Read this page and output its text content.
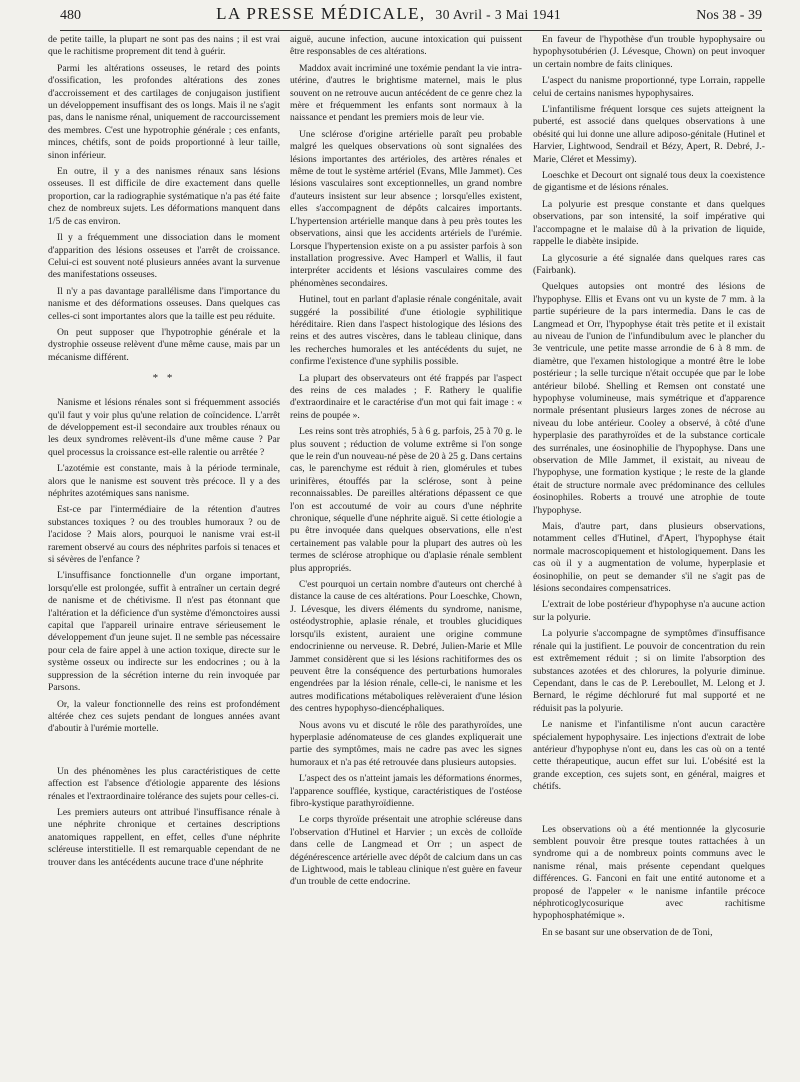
480	LA PRESSE MÉDICALE, 30 Avril - 3 Mai 1941	Nos 38 - 39

de petite taille, la plupart ne sont pas des nains ; il est vrai que le rachitisme proprement dit tend à guérir.

Parmi les altérations osseuses, le retard des points d'ossification, les profondes altérations des zones d'accroissement et des cartilages de conjugaison justifient un développement insuffisant des os longs. Mais il ne s'agit pas, dans le nanisme rénal, uniquement de raccourcissement des membres. C'est une hypotrophie générale ; ces enfants, minces, chétifs, sont de poids proportionné à leur taille, sinon inférieur.

En outre, il y a des nanismes rénaux sans lésions osseuses. Il est difficile de dire exactement dans quelle proportion, car la radiographie systématique n'a pas été faite chez de nombreux sujets. Les déformations manquent dans 1/5 de cas environ.

Il y a fréquemment une dissociation dans le moment d'apparition des lésions osseuses et l'arrêt de croissance. Celui-ci est souvent noté plusieurs années avant la survenue des manifestations osseuses.

Il n'y a pas davantage parallélisme dans l'importance du nanisme et des déformations osseuses. Dans quelques cas celles-ci sont importantes alors que la taille est peu réduite.

On peut supposer que l'hypotrophie générale et la dystrophie osseuse relèvent d'une même cause, mais par un mécanisme différent.

* *

Nanisme et lésions rénales sont si fréquemment associés qu'il faut y voir plus qu'une relation de coïncidence. L'arrêt de développement est-il secondaire aux troubles rénaux ou les deux syndromes relèvent-ils d'une même cause ? Par quel processus la croissance est-elle ralentie ou arrêtée ?

L'azotémie est constante, mais à la période terminale, alors que le nanisme est souvent très précoce. Il y a des néphrites azotémiques sans nanisme.

Est-ce par l'intermédiaire de la rétention d'autres substances toxiques ? ou des troubles humoraux ? ou de l'acidose ? Mais alors, pourquoi le nanisme vrai est-il rarement observé au cours des néphrites parfois si tenaces et si sévères de l'enfance ?

L'insuffisance fonctionnelle d'un organe important, lorsqu'elle est prolongée, suffit à entraîner un certain degré de nanisme et de chétivisme. Il n'est pas étonnant que l'altération et la déficience d'un système d'émonctoires aussi capital que l'appareil urinaire entrave sérieusement le développement d'un jeune sujet. Il ne semble pas nécessaire pour cela de faire appel à une action toxique, directe sur le système osseux ou indirecte sur les endocrines ; ou à la suppression de la sécrétion interne du rein invoquée par Parsons.

Or, la valeur fonctionnelle des reins est profondément altérée chez ces sujets pendant de longues années avant d'aboutir à l'urémie mortelle.

Un des phénomènes les plus caractéristiques de cette affection est l'absence d'étiologie apparente des lésions rénales et l'extraordinaire tolérance des sujets pour celles-ci.

Les premiers auteurs ont attribué l'insuffisance rénale à une néphrite chronique et certaines descriptions anatomiques rappellent, en effet, celles d'une néphrite scléreuse interstitielle. Il est remarquable cependant de ne trouver dans les antécédents aucune trace d'une néphrite

aiguë, aucune infection, aucune intoxication qui puissent être responsables de ces altérations.

Maddox avait incriminé une toxémie pendant la vie intra-utérine, d'autres le brightisme maternel, mais le plus souvent on ne retrouve aucun antécédent de ce genre chez la mère et fréquemment les enfants sont normaux à la naissance et pendant les premiers mois de leur vie.

Une sclérose d'origine artérielle paraît peu probable malgré les quelques observations où sont signalées des lésions importantes des artérioles, des artères rénales et même de tout le système artériel (Evans, Mlle Jammet). Ces lésions vasculaires sont exceptionnelles, un grand nombre d'auteurs insistent sur leur absence ; lorsqu'elles existent, elles s'accompagnent de dépôts calcaires importants. L'hypertension artérielle manque dans à peu près toutes les observations, ainsi que les accidents artériels de l'urémie. Lorsque l'hypertension existe on a pu assister parfois à son installation progressive. Avec Hamperl et Wallis, il faut interpréter accidents et lésions vasculaires comme des phénomènes secondaires.

Hutinel, tout en parlant d'aplasie rénale congénitale, avait suggéré la possibilité d'une étiologie syphilitique héréditaire. Rien dans l'aspect histologique des lésions des reins et des autres viscères, dans le tableau clinique, dans les recherches humorales et les antécédents du sujet, ne confirme l'existence d'une syphilis possible.

La plupart des observateurs ont été frappés par l'aspect des reins de ces malades ; F. Rathery le qualifie d'extraordinaire et le caractérise d'un mot qui fait image : « reins de poupée ».

Les reins sont très atrophiés, 5 à 6 g. parfois, 25 à 70 g. le plus souvent ; réduction de volume extrême si l'on songe que le rein d'un nouveau-né pèse de 20 à 25 g. Dans certains cas, le parenchyme est réduit à rien, glomérules et tubes urinifères, étouffés par la sclérose, sont à peine reconnaissables. De pareilles altérations dépassent ce que l'on est accoutumé de voir au cours d'une néphrite chronique, séquelle d'une néphrite aiguë. Si cette étiologie a pu être invoquée dans quelques observations, elle n'est certainement pas valable pour la plupart des autres où les termes de sclérose atrophique ou d'aplasie rénale semblent plus appropriés.

C'est pourquoi un certain nombre d'auteurs ont cherché à distance la cause de ces altérations. Pour Loeschke, Chown, J. Lévesque, les divers éléments du syndrome, nanisme, ostéodystrophie, aplasie rénale, et troubles glucidiques lorsqu'ils existent, auraient une origine commune endocrinienne ou nerveuse. R. Debré, Julien-Marie et Mlle Jammet considèrent que si les lésions rachitiformes des os peuvent être la conséquence des perturbations humorales engendrées par la lésion rénale, celle-ci, le nanisme et les autres modifications métaboliques relèveraient d'une lésion des centres hypophyso-diencéphaliques.

Nous avons vu et discuté le rôle des parathyroïdes, une hyperplasie adénomateuse de ces glandes expliquerait une partie des symptômes, mais ne cadre pas avec les signes humoraux et n'a pas été retrouvée dans plusieurs autopsies.

L'aspect des os n'atteint jamais les déformations énormes, l'apparence soufflée, kystique, caractéristiques de l'ostéose fibro-kystique parathyroïdienne.

Le corps thyroïde présentait une atrophie scléreuse dans l'observation d'Hutinel et Harvier ; un excès de colloïde dans celle de Langmead et Orr ; un aspect de dégénérescence artérielle avec dépôt de calcium dans un cas de Lightwood, mais le tableau clinique n'est guère en faveur d'un trouble de cette endocrine.

En faveur de l'hypothèse d'un trouble hypophysaire ou hypophysotubérien (J. Lévesque, Chown) on peut invoquer un certain nombre de faits cliniques.

L'aspect du nanisme proportionné, type Lorrain, rappelle celui de certains nanismes hypophysaires.

L'infantilisme fréquent lorsque ces sujets atteignent la puberté, est associé dans quelques observations à une obésité qui lui donne une allure adiposo-génitale (Hutinel et Harvier, Lightwood, Sendrail et Bézy, Apert, R. Debré, J.-Marie, Cléret et Messimy).

Loeschke et Decourt ont signalé tous deux la coexistence de gigantisme et de lésions rénales.

La polyurie est presque constante et dans quelques observations, par son intensité, la soif impérative qui l'accompagne et le malaise dû à la privation de liquide, rappelle le diabète insipide.

La glycosurie a été signalée dans quelques rares cas (Fairbank).

Quelques autopsies ont montré des lésions de l'hypophyse. Ellis et Evans ont vu un kyste de 7 mm. à la partie supérieure de la pars intermedia. Dans le cas de Langmead et Orr, l'hypophyse était très petite et il existait au niveau de l'union de l'infundibulum avec le plancher du 3e ventricule, une petite masse arrondie de 6 à 8 mm. de diamètre, que l'examen histologique a montré être le lobe postérieur ; la selle turcique n'était occupée que par le lobe antérieur bilobé. Shelling et Remsen ont constaté une hypophyse volumineuse, mais symétrique et d'apparence normale présentant plusieurs larges zones de nécrose au niveau du lobe antérieur. Cooley a observé, à côté d'une hyperplasie des parathyroïdes et de la substance corticale des surrénales, une éosinophilie de l'hypophyse. Dans une observation de Mlle Jammet, il existait, au niveau de l'hypophyse, une formation kystique ; le reste de la glande était de structure normale avec prédominance des cellules éosinophiles. Roberts a trouvé une atrophie de toute l'hypophyse.

Mais, d'autre part, dans plusieurs observations, notamment celles d'Hutinel, d'Apert, l'hypophyse était normale macroscopiquement et histologiquement. Dans les cas où il y a augmentation de volume, hyperplasie et éosinophilie, on peut se demander s'il ne s'agit pas de lésions secondaires compensatrices.

L'extrait de lobe postérieur d'hypophyse n'a aucune action sur la polyurie.

La polyurie s'accompagne de symptômes d'insuffisance rénale qui la justifient. Le pouvoir de concentration du rein est extrêmement réduit ; si on limite l'absorption des substances azotées et des chlorures, la polyurie diminue. Cependant, dans le cas de P. Lereboullet, M. Lelong et J. Bernard, le régime déchloruré fut mal supporté et ne réduisit pas la polyurie.

Le nanisme et l'infantilisme n'ont aucun caractère spécialement hypophysaire. Les injections d'extrait de lobe antérieur d'hypophyse n'ont eu, dans les cas où on a tenté cette thérapeutique, aucun effet sur lui. L'obésité est la grande exception, ces sujets sont, en général, maigres et chétifs.

Les observations où a été mentionnée la glycosurie semblent pouvoir être presque toutes rattachées à un syndrome qui a de nombreux points communs avec le nanisme rénal, mais présente cependant quelques différences. G. Fanconi en fait une entité autonome et a proposé de l'appeler « le nanisme infantile précoce néphroticoglycosurique avec rachitisme hypophosphatémique ».

En se basant sur une observation de de Toni,
